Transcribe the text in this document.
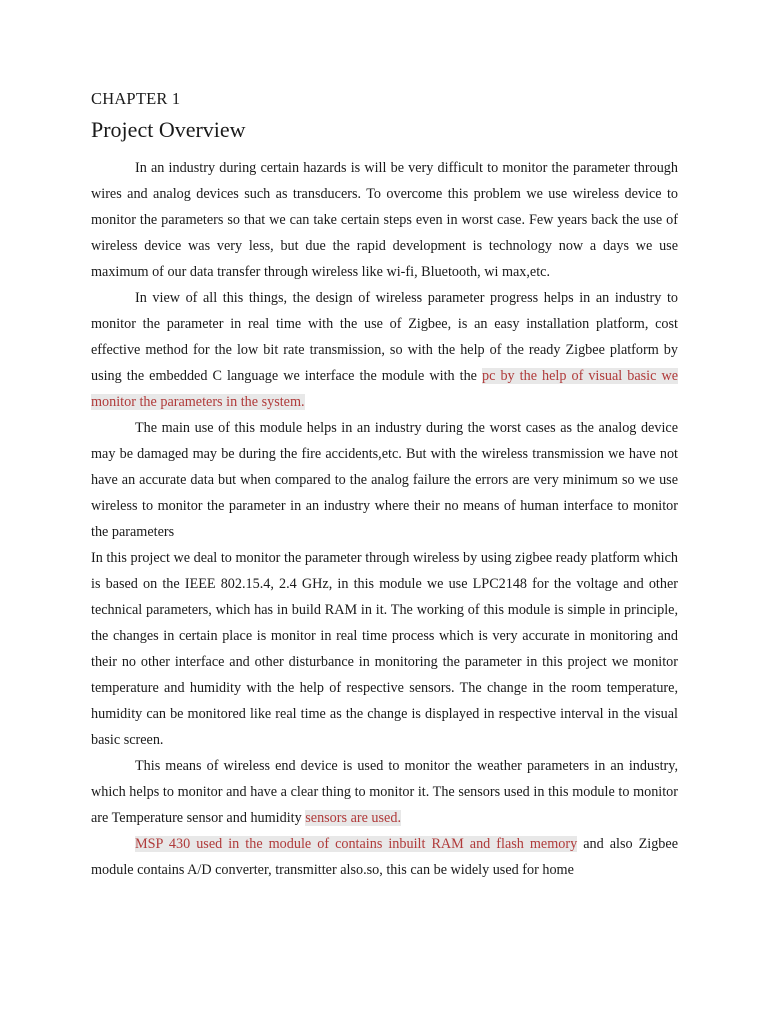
CHAPTER 1
Project Overview

In an industry during certain hazards is will be very difficult to monitor the parameter through wires and analog devices such as transducers. To overcome this problem we use wireless device to monitor the parameters so that we can take certain steps even in worst case. Few years back the use of wireless device was very less, but due the rapid development is technology now a days we use maximum of our data transfer through wireless like wi-fi, Bluetooth, wi max,etc.

In view of all this things, the design of wireless parameter progress helps in an industry to monitor the parameter in real time with the use of Zigbee, is an easy installation platform, cost effective method for the low bit rate transmission, so with the help of the ready Zigbee platform by using the embedded C language we interface the module with the pc by the help of visual basic we monitor the parameters in the system.

The main use of this module helps in an industry during the worst cases as the analog device may be damaged may be during the fire accidents,etc. But with the wireless transmission we have not have an accurate data but when compared to the analog failure the errors are very minimum so we use wireless to monitor the parameter in an industry where their no means of human interface to monitor the parameters

In this project we deal to monitor the parameter through wireless by using zigbee ready platform which is based on the IEEE 802.15.4, 2.4 GHz, in this module we use LPC2148 for the voltage and other technical parameters, which has in build RAM in it. The working of this module is simple in principle, the changes in certain place is monitor in real time process which is very accurate in monitoring and their no other interface and other disturbance in monitoring the parameter in this project we monitor temperature and humidity with the help of respective sensors. The change in the room temperature, humidity can be monitored like real time as the change is displayed in respective interval in the visual basic screen.

This means of wireless end device is used to monitor the weather parameters in an industry, which helps to monitor and have a clear thing to monitor it. The sensors used in this module to monitor are Temperature sensor and humidity sensors are used.

MSP 430 used in the module of contains inbuilt RAM and flash memory and also Zigbee module contains A/D converter, transmitter also.so, this can be widely used for home
